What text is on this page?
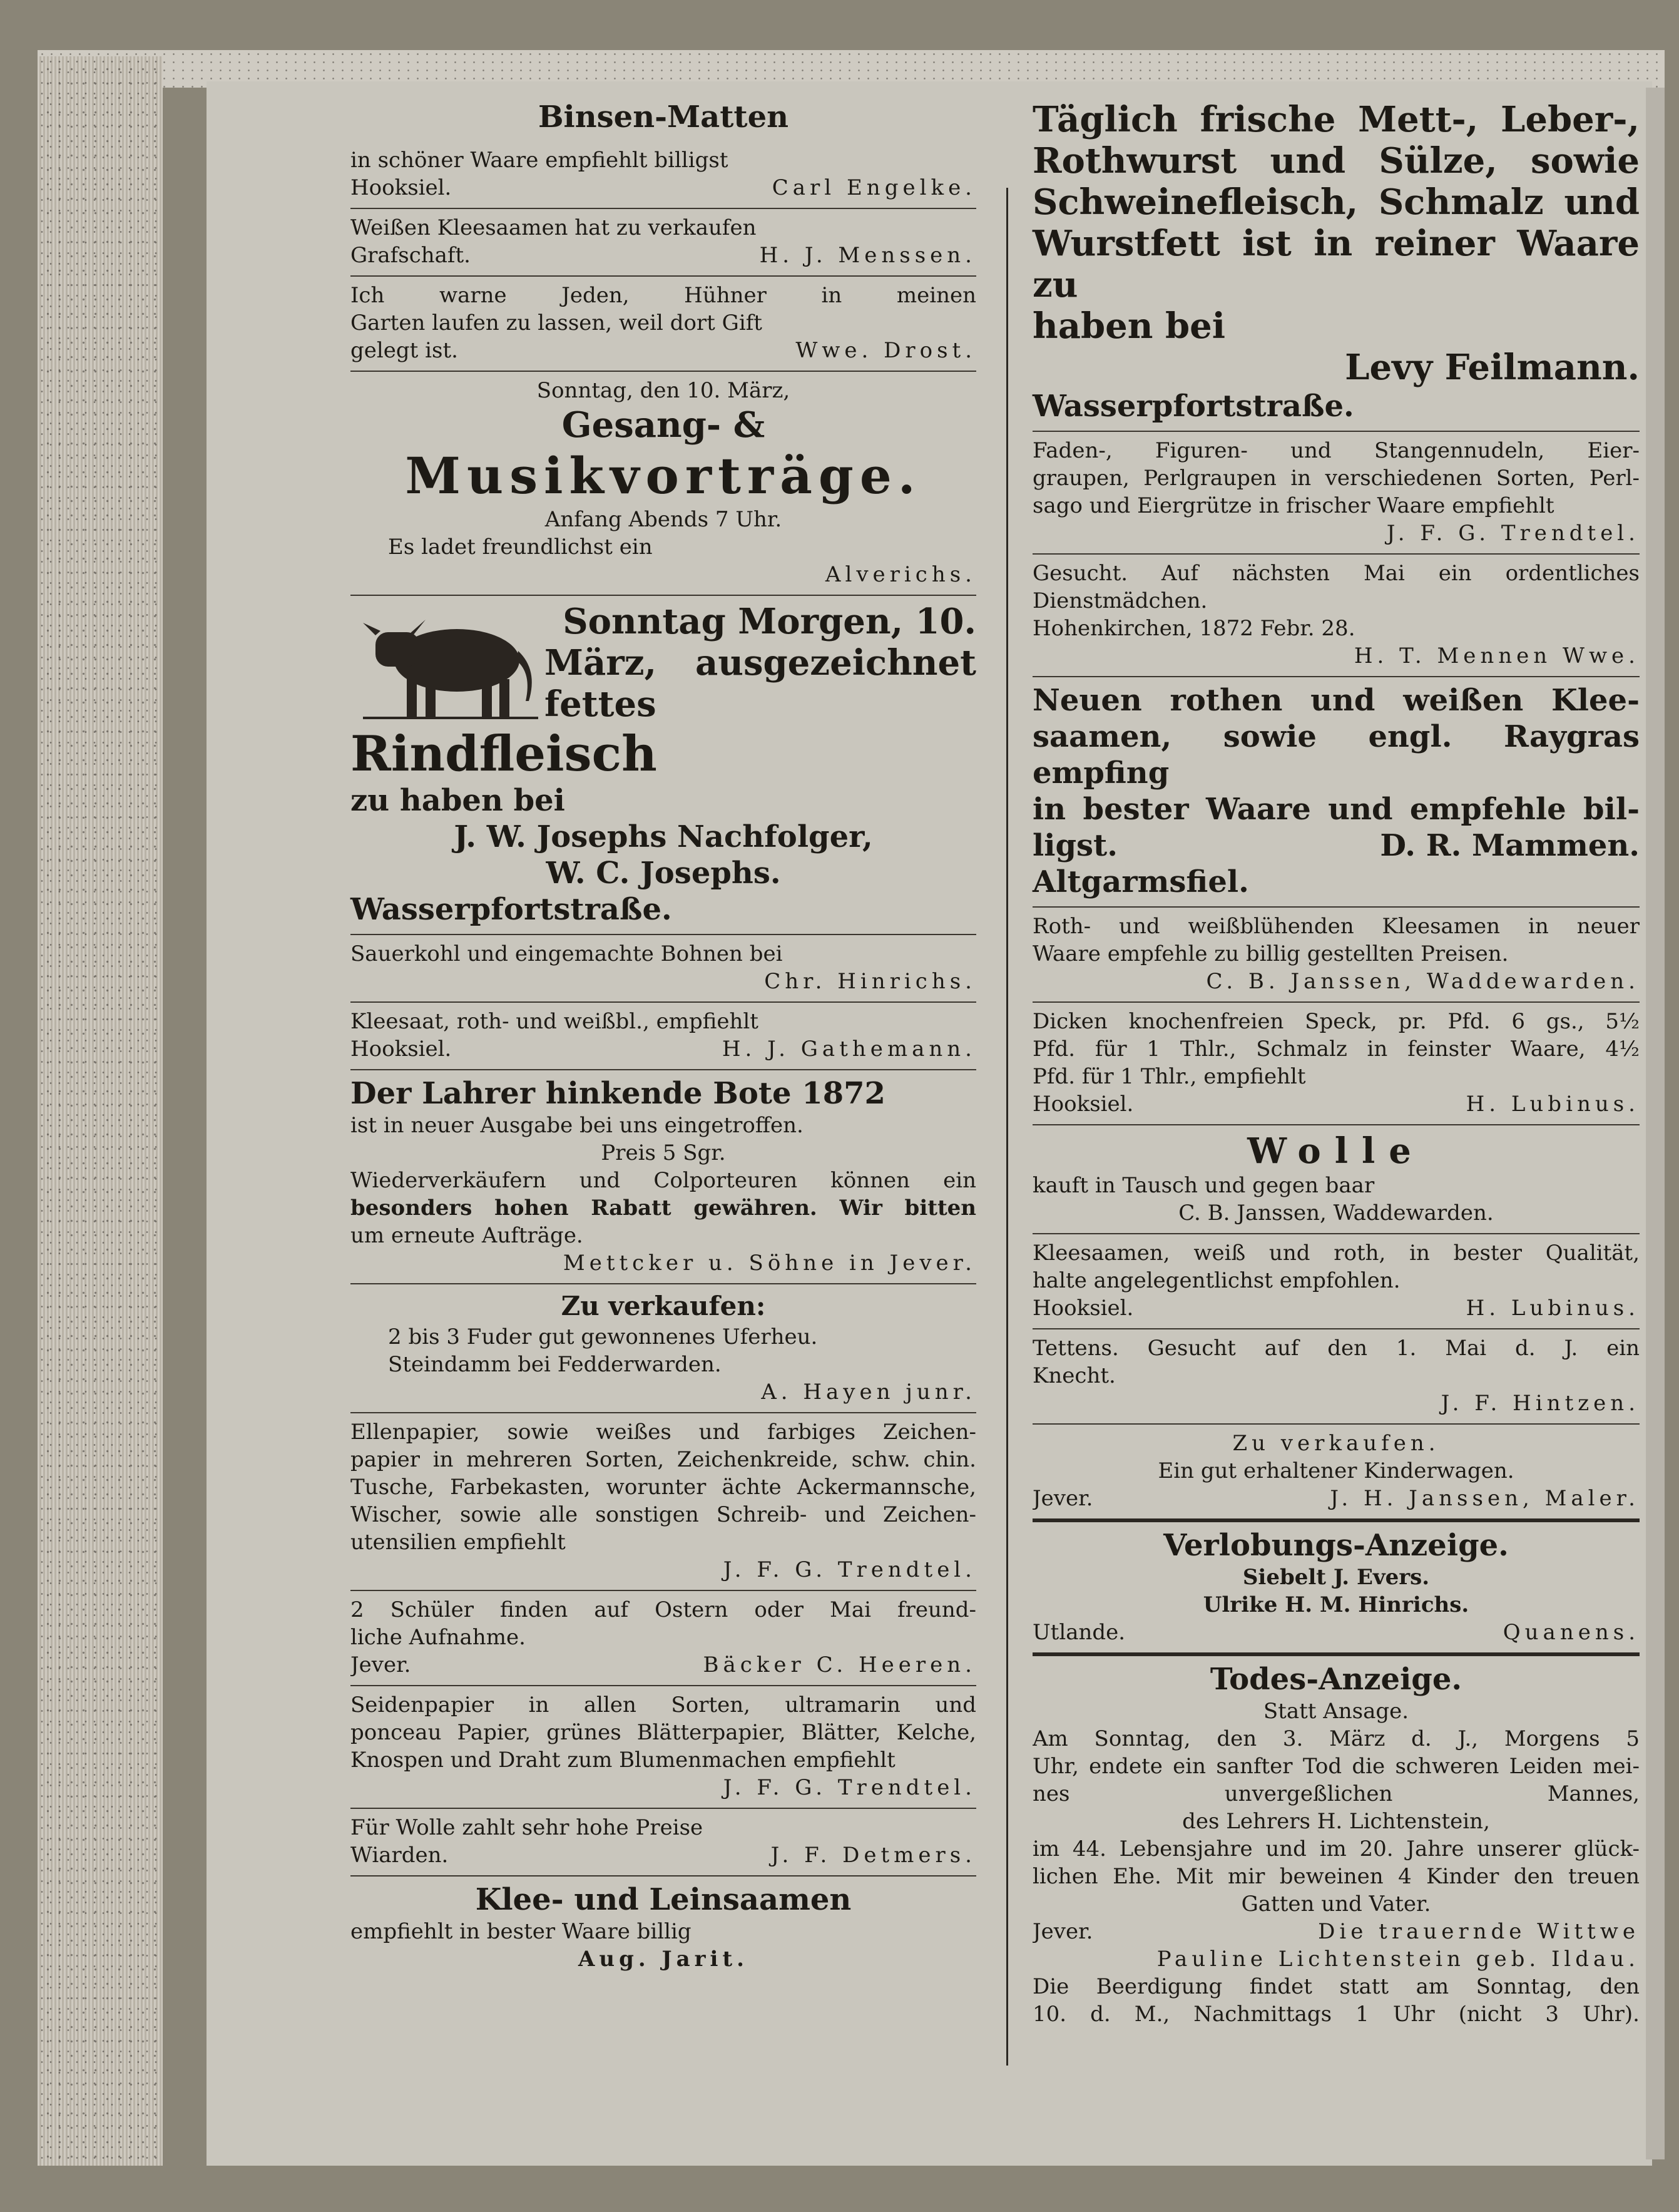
Binsen-Matten
in schöner Waare empfiehlt billigst
Hooksiel.	Carl Engelke.
Weißen Kleesaamen hat zu verkaufen
Grafschaft.	H. J. Menssen.
Ich warne Jeden, Hühner in meinen
Garten laufen zu lassen, weil dort Gift
gelegt ist.	Wwe. Drost.
Sonntag, den 10. März,
Gesang- &
Musikvorträge.
Anfang Abends 7 Uhr.
Es ladet freundlichst ein
Alverichs.
Sonntag Morgen, 10.
März, ausgezeichnet
fettes
Rindfleisch
zu haben bei
J. W. Josephs Nachfolger,
W. C. Josephs.
Wasserpfortstraße.
Sauerkohl und eingemachte Bohnen bei
Chr. Hinrichs.
Kleesaat, roth- und weißbl., empfiehlt
Hooksiel.	H. J. Gathemann.
Der Lahrer hinkende Bote 1872
ist in neuer Ausgabe bei uns eingetroffen.
Preis 5 Sgr.
Wiederverkäufern und Colporteuren können ein
besonders hohen Rabatt gewähren. Wir bitten
um erneute Aufträge.
Mettcker u. Söhne in Jever.
Zu verkaufen:
2 bis 3 Fuder gut gewonnenes Uferheu.
Steindamm bei Fedderwarden.
A. Hayen junr.
Ellenpapier, sowie weißes und farbiges Zeichen-
papier in mehreren Sorten, Zeichenkreide, schw. chin.
Tusche, Farbekasten, worunter ächte Ackermannsche,
Wischer, sowie alle sonstigen Schreib- und Zeichen-
utensilien empfiehlt
J. F. G. Trendtel.
2 Schüler finden auf Ostern oder Mai freund-
liche Aufnahme.
Jever.	Bäcker C. Heeren.
Seidenpapier in allen Sorten, ultramarin und
ponceau Papier, grünes Blätterpapier, Blätter, Kelche,
Knospen und Draht zum Blumenmachen empfiehlt
J. F. G. Trendtel.
Für Wolle zahlt sehr hohe Preise
Wiarden.	J. F. Detmers.
Klee- und Leinsaamen
empfiehlt in bester Waare billig
Aug. Jarit.
Täglich frische Mett-, Leber-,
Rothwurst und Sülze, sowie
Schweinefleisch, Schmalz und
Wurstfett ist in reiner Waare zu
haben bei
Levy Feilmann.
Wasserpfortstraße.
Faden-, Figuren- und Stangennudeln, Eier-
graupen, Perlgraupen in verschiedenen Sorten, Perl-
sago und Eiergrütze in frischer Waare empfiehlt
J. F. G. Trendtel.
Gesucht. Auf nächsten Mai ein ordentliches
Dienstmädchen.
Hohenkirchen, 1872 Febr. 28.
H. T. Mennen Wwe.
Neuen rothen und weißen Klee-
saamen, sowie engl. Raygras empfing
in bester Waare und empfehle bil-
ligst.	D. R. Mammen.
Altgarmsfiel.
Roth- und weißblühenden Kleesamen in neuer
Waare empfehle zu billig gestellten Preisen.
C. B. Janssen, Waddewarden.
Dicken knochenfreien Speck, pr. Pfd. 6 gs., 5½
Pfd. für 1 Thlr., Schmalz in feinster Waare, 4½
Pfd. für 1 Thlr., empfiehlt
Hooksiel.	H. Lubinus.
Wolle
kauft in Tausch und gegen baar
C. B. Janssen, Waddewarden.
Kleesaamen, weiß und roth, in bester Qualität,
halte angelegentlichst empfohlen.
Hooksiel.	H. Lubinus.
Tettens. Gesucht auf den 1. Mai d. J. ein
Knecht.
J. F. Hintzen.
Zu verkaufen.
Ein gut erhaltener Kinderwagen.
Jever.	J. H. Janssen, Maler.
Verlobungs-Anzeige.
Siebelt J. Evers.
Ulrike H. M. Hinrichs.
Utlande.	Quanens.
Todes-Anzeige.
Statt Ansage.
Am Sonntag, den 3. März d. J., Morgens 5
Uhr, endete ein sanfter Tod die schweren Leiden mei-
nes unvergeßlichen Mannes,
des Lehrers H. Lichtenstein,
im 44. Lebensjahre und im 20. Jahre unserer glück-
lichen Ehe. Mit mir beweinen 4 Kinder den treuen
Gatten und Vater.
Jever.	Die trauernde Wittwe
Pauline Lichtenstein geb. Ildau.
Die Beerdigung findet statt am Sonntag, den
10. d. M., Nachmittags 1 Uhr (nicht 3 Uhr).
